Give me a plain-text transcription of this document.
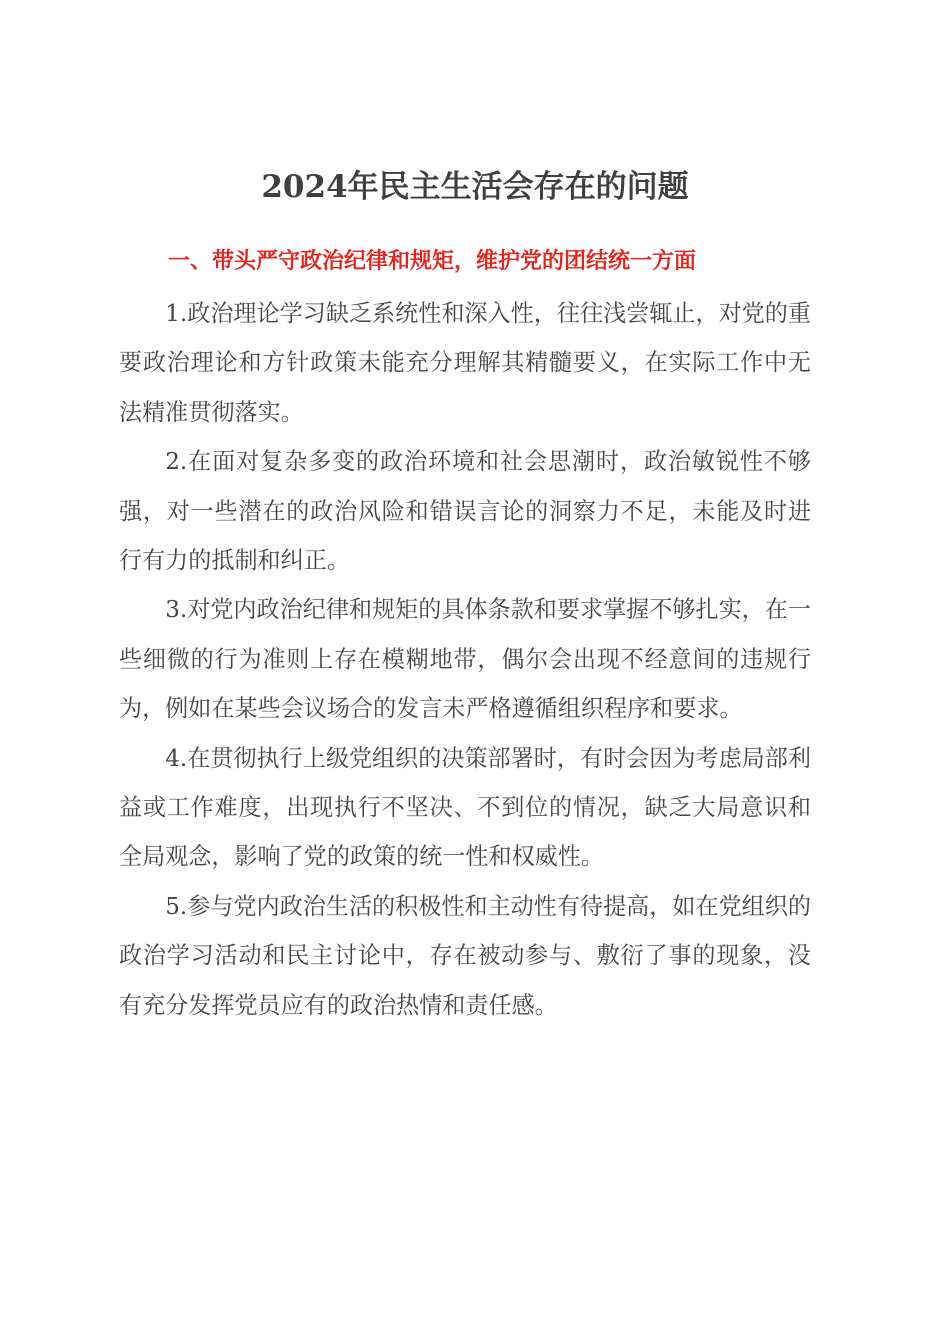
2024年民主生活会存在的问题
一、带头严守政治纪律和规矩，维护党的团结统一方面

1.政治理论学习缺乏系统性和深入性，往往浅尝辄止，对党的重要政治理论和方针政策未能充分理解其精髓要义，在实际工作中无法精准贯彻落实。

2.在面对复杂多变的政治环境和社会思潮时，政治敏锐性不够强，对一些潜在的政治风险和错误言论的洞察力不足，未能及时进行有力的抵制和纠正。

3.对党内政治纪律和规矩的具体条款和要求掌握不够扎实，在一些细微的行为准则上存在模糊地带，偶尔会出现不经意间的违规行为，例如在某些会议场合的发言未严格遵循组织程序和要求。

4.在贯彻执行上级党组织的决策部署时，有时会因为考虑局部利益或工作难度，出现执行不坚决、不到位的情况，缺乏大局意识和全局观念，影响了党的政策的统一性和权威性。

5.参与党内政治生活的积极性和主动性有待提高，如在党组织的政治学习活动和民主讨论中，存在被动参与、敷衍了事的现象，没有充分发挥党员应有的政治热情和责任感。
